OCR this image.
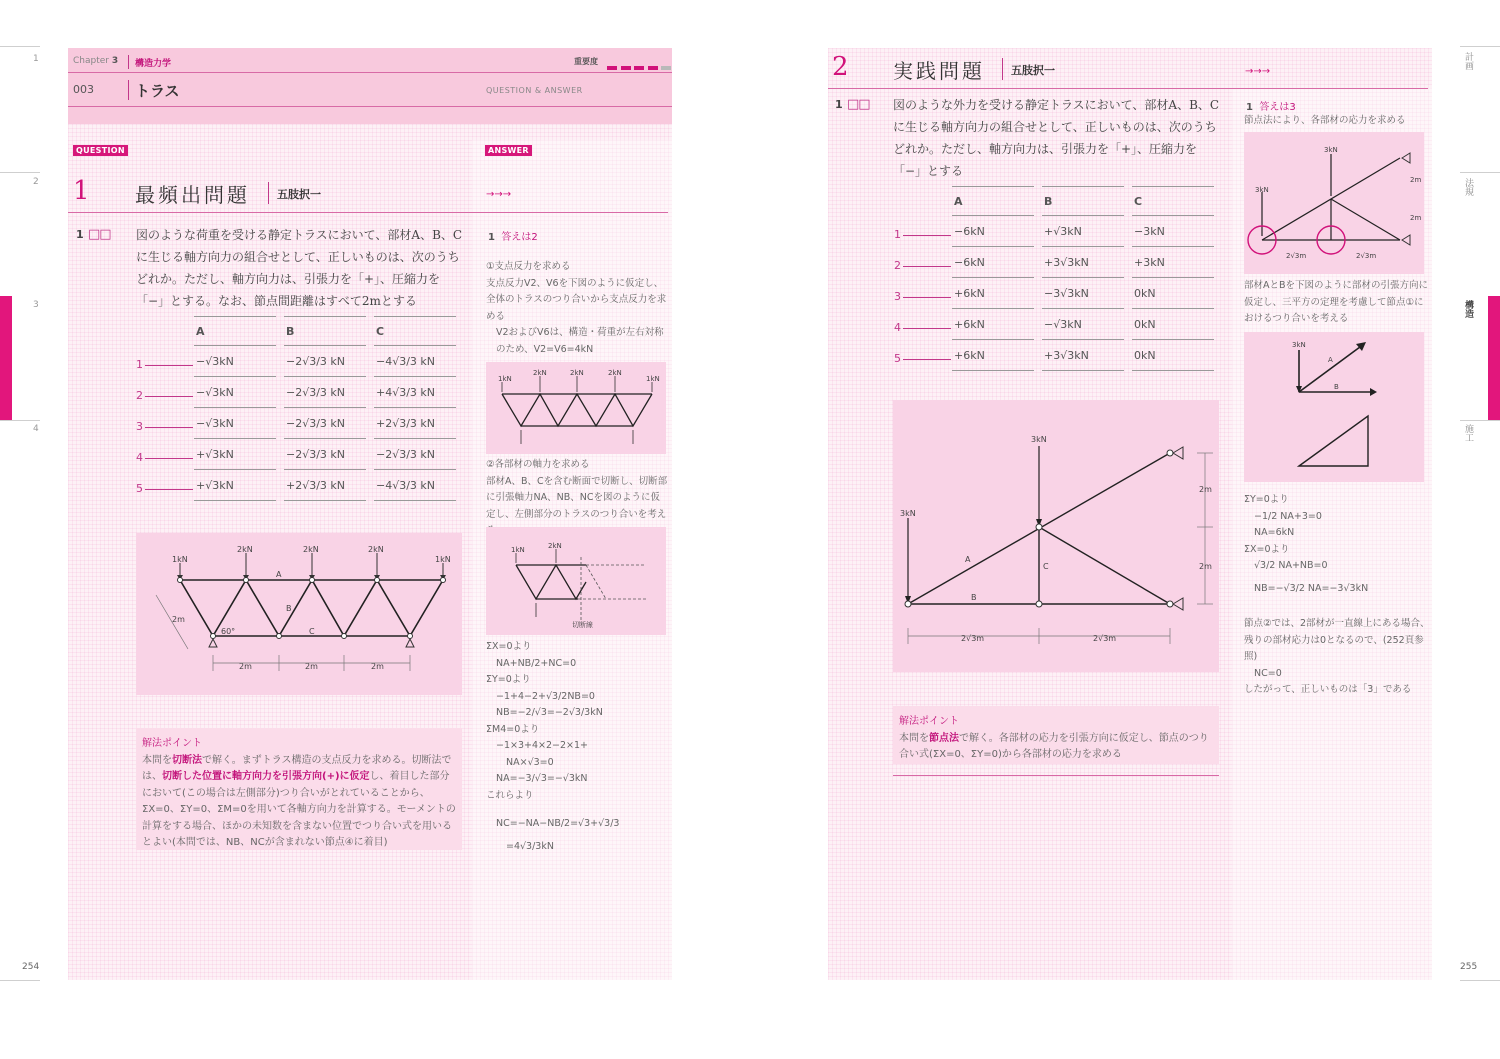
1
2
3
4
254
計画
法規
構造
施工
255
Chapter 3 構造力学	重要度

003	トラス	QUESTION & ANSWER
QUESTION	ANSWER
1 最頻出問題 五肢択一	→→→
1 □□ 図のような荷重を受ける静定トラスにおいて、部材A、B、Cに生じる軸方向力の組合せとして、正しいものは、次のうちどれか。ただし、軸方向力は、引張力を「+」、圧縮力を「−」とする。なお、節点間距離はすべて2mとする
A	B	C
−√3kN	−2√3/3 kN	−4√3/3 kN
−√3kN	−2√3/3 kN	+4√3/3 kN
−√3kN	−2√3/3 kN	+2√3/3 kN
+√3kN	−2√3/3 kN	−2√3/3 kN
+√3kN	+2√3/3 kN	−4√3/3 kN
1
2
3
4
5
1kN
2kN	2kN	2kN
1kN
A
B
C
2m
60°
2m	2m	2m
解法ポイント
本問を切断法で解く。まずトラス構造の支点反力を求める。切断法では、切断した位置に軸方向力を引張方向(+)に仮定し、着目した部分において(この場合は左側部分)つり合いがとれていることから、ΣX=0、ΣY=0、ΣM=0を用いて各軸方向力を計算する。モーメントの計算をする場合、ほかの未知数を含まない位置でつり合い式を用いるとよい(本問では、NB、NCが含まれない節点④に着目)
1 答えは2
①支点反力を求める
支点反力V2、V6を下図のように仮定し、全体のトラスのつり合いから支点反力を求める
V2およびV6は、構造・荷重が左右対称のため、V2=V6=4kN
1kN
2kN	2kN	2kN
1kN
②各部材の軸力を求める
部材A、B、Cを含む断面で切断し、切断部に引張軸力NA、NB、NCを図のように仮定し、左側部分のトラスのつり合いを考え
1kN	2kN
切断線
ΣX=0より
NA+NB/2+NC=0
ΣY=0より
−1+4−2+√3/2NB=0
NB=−2/√3=−2√3/3kN
ΣM4=0より
−1×3+4×2−2×1+
NA×√3=0
NA=−3/√3=−√3kN
これらより
NC=−NA−NB/2=√3+√3/3
=4√3/3kN
2 実践問題 五肢択一	→→→
1 □□ 図のような外力を受ける静定トラスにおいて、部材A、B、Cに生じる軸方向力の組合せとして、正しいものは、次のうちどれか。ただし、軸方向力は、引張力を「+」、圧縮力を「−」とする
A	B	C
−6kN	+√3kN	−3kN
−6kN	+3√3kN	+3kN
+6kN	−3√3kN	0kN
+6kN	−√3kN	0kN
+6kN	+3√3kN	0kN
1
2
3
4
5
3kN
3kN
A
B
C
2√3m	2√3m
2m
2m
解法ポイント
本問を節点法で解く。各部材の応力を引張方向に仮定し、節点のつり合い式(ΣX=0、ΣY=0)から各部材の応力を求める
1 答えは3
節点法により、各部材の応力を求める
3kN
3kN
2√3m	2√3m
2m
2m
部材AとBを下図のように部材の引張方向に仮定し、三平方の定理を考慮して節点①におけるつり合いを考える
3kN
A
B
ΣY=0より
−1/2 NA+3=0
NA=6kN
ΣX=0より
√3/2 NA+NB=0
NB=−√3/2 NA=−3√3kN
節点②では、2部材が一直線上にある場合、残りの部材応力は0となるので、(252頁参照)
NC=0
したがって、正しいものは「3」である
